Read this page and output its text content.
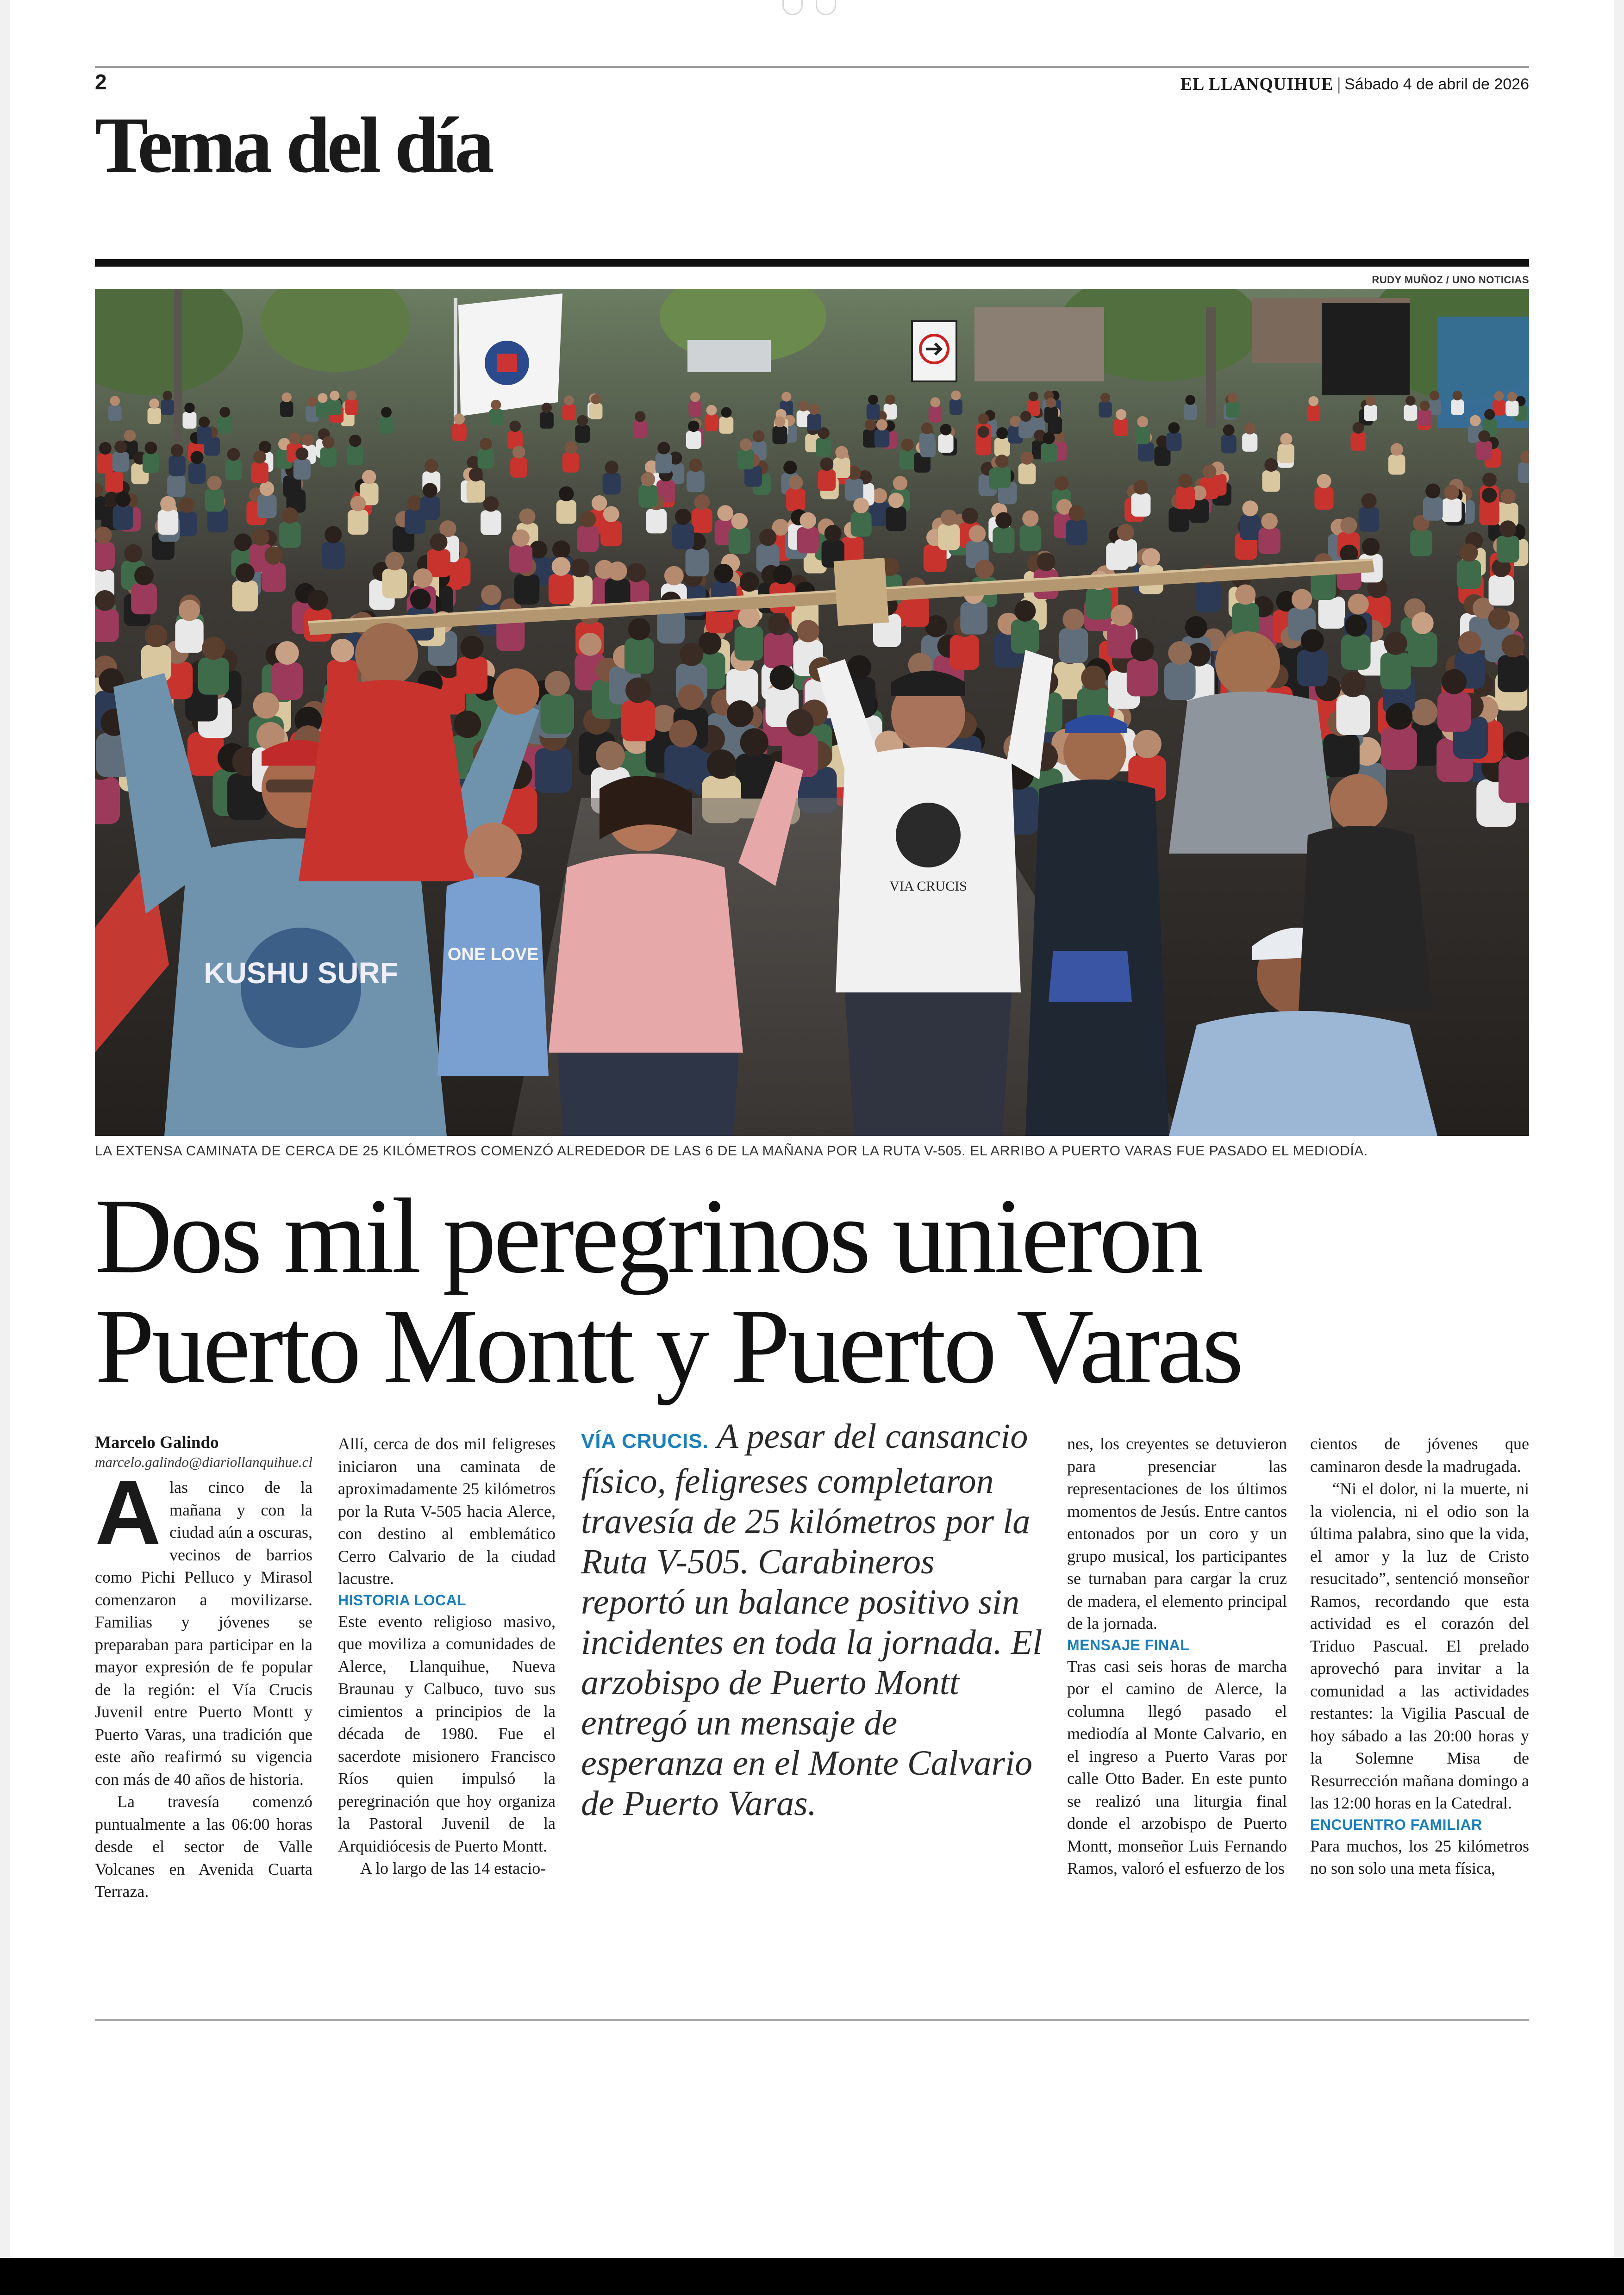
2	EL LLANQUIHUE | Sábado 4 de abril de 2026
Tema del día
RUDY MUÑOZ / UNO NOTICIAS
KUSHU SURF
ONE LOVE
VIA CRUCIS
LA EXTENSA CAMINATA DE CERCA DE 25 KILÓMETROS COMENZÓ ALREDEDOR DE LAS 6 DE LA MAÑANA POR LA RUTA V-505. EL ARRIBO A PUERTO VARAS FUE PASADO EL MEDIODÍA.
Dos mil peregrinos unieron
Puerto Montt y Puerto Varas

Marcelo Galindo

marcelo.galindo@diariollanquihue.cl

Alas cinco de la mañana y con la ciudad aún a oscuras, vecinos de barrios como Pichi Pelluco y Mirasol comenzaron a movilizarse. Familias y jóvenes se preparaban para participar en la mayor expresión de fe popular de la región: el Vía Crucis Juvenil entre Puerto Montt y Puerto Varas, una tradición que este año reafirmó su vigencia con más de 40 años de historia.

La travesía comenzó puntualmente a las 06:00 horas desde el sector de Valle Volcanes en Avenida Cuarta Terraza.

Allí, cerca de dos mil feligreses iniciaron una caminata de aproximadamente 25 kilómetros por la Ruta V-505 hacia Alerce, con destino al emblemático Cerro Calvario de la ciudad lacustre.

HISTORIA LOCAL

Este evento religioso masivo, que moviliza a comunidades de Alerce, Llanquihue, Nueva Braunau y Calbuco, tuvo sus cimientos a principios de la década de 1980. Fue el sacerdote misionero Francisco Ríos quien impulsó la peregrinación que hoy organiza la Pastoral Juvenil de la Arquidiócesis de Puerto Montt.

A lo largo de las 14 estacio-

VÍA CRUCIS. A pesar del cansancio físico, feligreses completaron travesía de 25 kilómetros por la Ruta V-505. Carabineros reportó un balance positivo sin incidentes en toda la jornada. El arzobispo de Puerto Montt entregó un mensaje de esperanza en el Monte Calvario de Puerto Varas.

nes, los creyentes se detuvieron para presenciar las representaciones de los últimos momentos de Jesús. Entre cantos entonados por un coro y un grupo musical, los participantes se turnaban para cargar la cruz de madera, el elemento principal de la jornada.

MENSAJE FINAL

Tras casi seis horas de marcha por el camino de Alerce, la columna llegó pasado el mediodía al Monte Calvario, en el ingreso a Puerto Varas por calle Otto Bader. En este punto se realizó una liturgia final donde el arzobispo de Puerto Montt, monseñor Luis Fernando Ramos, valoró el esfuerzo de los

cientos de jóvenes que caminaron desde la madrugada.

“Ni el dolor, ni la muerte, ni la violencia, ni el odio son la última palabra, sino que la vida, el amor y la luz de Cristo resucitado”, sentenció monseñor Ramos, recordando que esta actividad es el corazón del Triduo Pascual. El prelado aprovechó para invitar a la comunidad a las actividades restantes: la Vigilia Pascual de hoy sábado a las 20:00 horas y la Solemne Misa de Resurrección mañana domingo a las 12:00 horas en la Catedral.

ENCUENTRO FAMILIAR

Para muchos, los 25 kilómetros no son solo una meta física,
